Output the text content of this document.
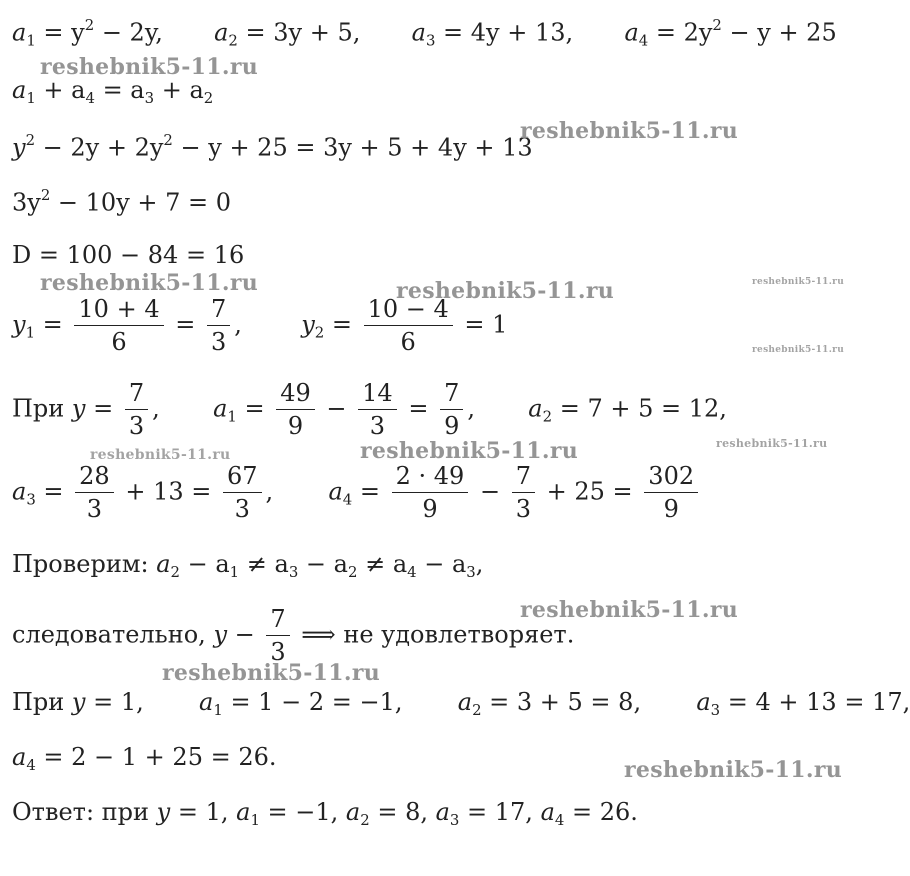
$a_1 = y^2 - 2y$, $a_2 = 3y + 5$, $a_3 = 4y + 13$, $a_4 = 2y^2 - y + 25$
$a_1 + a_4 = a_3 + a_2$
$y^2 - 2y + 2y^2 - y + 25 = 3y + 5 + 4y + 13$
$3y^2 - 10y + 7 = 0$
D = 100 − 84 = 16
$y_1 = \frac{10 + 4}{6} = \frac{7}{3}$ , $y_2 = \frac{10 - 4}{6} = 1$
При $y = \frac{7}{3}$ , $a_1 = \frac{49}{9} - \frac{14}{3} = \frac{7}{9}$ , $a_2 = 7 + 5 = 12$,
$a_3 = \frac{28}{3} + 13 = \frac{67}{3}$ , $a_4 = \frac{2 \cdot 49}{9} - \frac{7}{3} + 25 = \frac{302}{9}$
Проверим: $a_2 - a_1 \ne a_3 - a_2 \ne a_4 - a_3$,
следовательно, $y - \frac{7}{3}$ ⟹ не удовлетворяет.
При y = 1, $a_1 = 1 - 2 = -1$, $a_2 = 3 + 5 = 8$, $a_3 = 4 + 13 = 17$,
$a_4 = 2 - 1 + 25 = 26$.
Ответ: при y = 1, $a_1 = -1$, $a_2 = 8$, $a_3 = 17$, $a_4 = 26$.
reshebnik5-11.ru
reshebnik5-11.ru
reshebnik5-11.ru	reshebnik5-11.ru	reshebnik5-11.ru
reshebnik5-11.ru
reshebnik5-11.ru
reshebnik5-11.ru
reshebnik5-11.ru
reshebnik5-11.ru
reshebnik5-11.ru
reshebnik5-11.ru
